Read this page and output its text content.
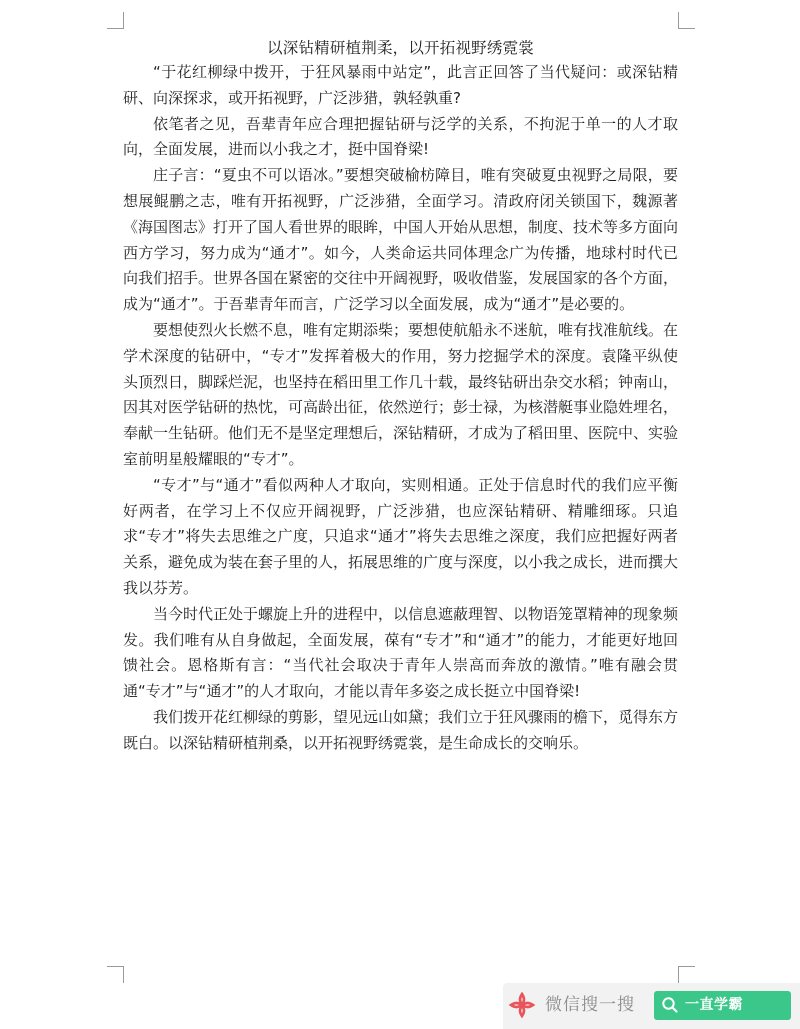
以深钻精研植荆柔，以开拓视野绣霓裳

“于花红柳绿中拨开，于狂风暴雨中站定”，此言正回答了当代疑问：或深钻精研、向深探求，或开拓视野，广泛涉猎，孰轻孰重?

依笔者之见，吾辈青年应合理把握钻研与泛学的关系，不拘泥于单一的人才取向，全面发展，进而以小我之才，挺中国脊梁!

庄子言：“夏虫不可以语冰。”要想突破榆枋障目，唯有突破夏虫视野之局限，要想展鲲鹏之志，唯有开拓视野，广泛涉猎，全面学习。清政府闭关锁国下，魏源著《海国图志》打开了国人看世界的眼眸，中国人开始从思想，制度、技术等多方面向西方学习，努力成为“通才”。如今，人类命运共同体理念广为传播，地球村时代已向我们招手。世界各国在紧密的交往中开阔视野，吸收借鉴，发展国家的各个方面，成为“通才”。于吾辈青年而言，广泛学习以全面发展，成为“通才”是必要的。

要想使烈火长燃不息，唯有定期添柴；要想使航船永不迷航，唯有找准航线。在学术深度的钻研中，“专才”发挥着极大的作用，努力挖掘学术的深度。袁隆平纵使头顶烈日，脚踩烂泥，也坚持在稻田里工作几十载，最终钻研出杂交水稻；钟南山，因其对医学钻研的热忱，可高龄出征，依然逆行；彭士禄，为核潜艇事业隐姓埋名，奉献一生钻研。他们无不是坚定理想后，深钻精研，才成为了稻田里、医院中、实验室前明星般耀眼的“专才”。

“专才”与“通才”看似两种人才取向，实则相通。正处于信息时代的我们应平衡好两者，在学习上不仅应开阔视野，广泛涉猎，也应深钻精研、精雕细琢。只追求“专才”将失去思维之广度，只追求“通才”将失去思维之深度，我们应把握好两者关系，避免成为装在套子里的人，拓展思维的广度与深度，以小我之成长，进而撰大我以芬芳。

当今时代正处于螺旋上升的进程中，以信息遮蔽理智、以物语笼罩精神的现象频发。我们唯有从自身做起，全面发展，葆有“专才”和“通才”的能力，才能更好地回馈社会。恩格斯有言：“当代社会取决于青年人崇高而奔放的激情。”唯有融会贯通“专才”与“通才”的人才取向，才能以青年多姿之成长挺立中国脊梁!

我们拨开花红柳绿的剪影，望见远山如黛；我们立于狂风骤雨的檐下，觅得东方既白。以深钻精研植荆桑，以开拓视野绣霓裳，是生命成长的交响乐。

微信搜一搜	一直学霸
